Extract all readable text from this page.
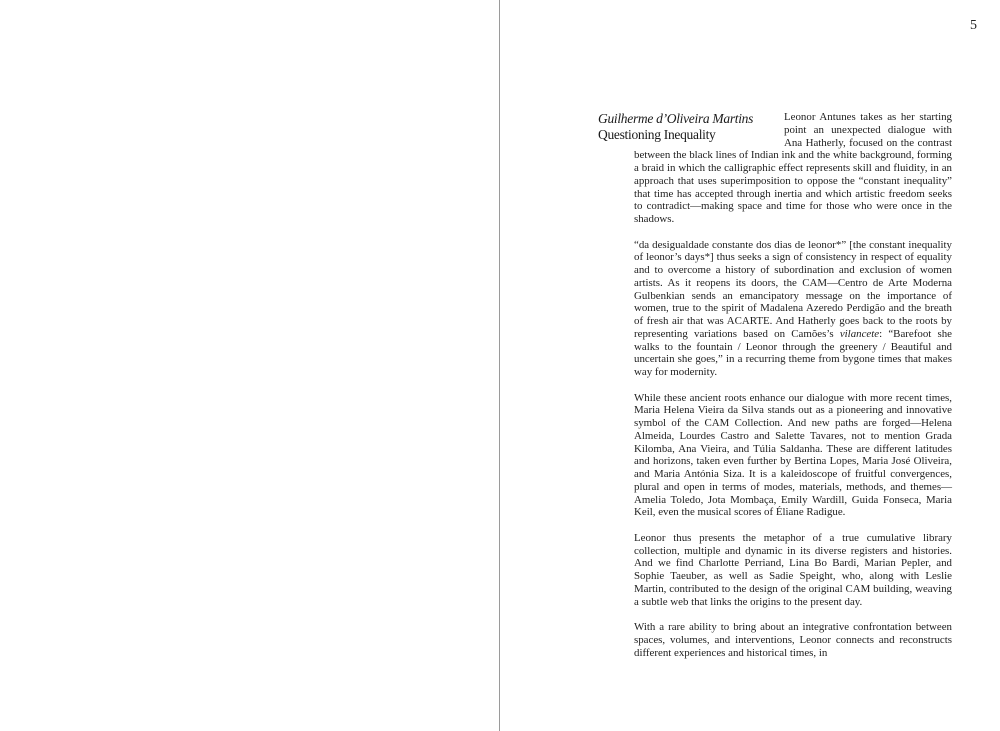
5
Guilherme d’Oliveira Martins
Questioning Inequality

Leonor Antunes takes as her starting point an unexpected dialogue with Ana Hatherly, focused on the contrast between the black lines of Indian ink and the white background, forming a braid in which the calligraphic effect represents skill and fluidity, in an approach that uses superimposition to oppose the “constant inequality” that time has accepted through inertia and which artistic freedom seeks to contradict—making space and time for those who were once in the shadows.

“da desigualdade constante dos dias de leonor*” [the constant inequality of leonor’s days*] thus seeks a sign of consistency in respect of equality and to overcome a history of subordination and exclusion of women artists. As it reopens its doors, the CAM—Centro de Arte Moderna Gulbenkian sends an emancipatory message on the importance of women, true to the spirit of Madalena Azeredo Perdigão and the breath of fresh air that was ACARTE. And Hatherly goes back to the roots by representing variations based on Camões’s vilancete: “Barefoot she walks to the fountain / Leonor through the greenery / Beautiful and uncertain she goes,” in a recurring theme from bygone times that makes way for modernity.

While these ancient roots enhance our dialogue with more recent times, Maria Helena Vieira da Silva stands out as a pioneering and innovative symbol of the CAM Collection. And new paths are forged—Helena Almeida, Lourdes Castro and Salette Tavares, not to mention Grada Kilomba, Ana Vieira, and Túlia Saldanha. These are different latitudes and horizons, taken even further by Bertina Lopes, Maria José Oliveira, and Maria Antónia Siza. It is a kaleidoscope of fruitful convergences, plural and open in terms of modes, materials, methods, and themes—Amelia Toledo, Jota Mombaça, Emily Wardill, Guida Fonseca, Maria Keil, even the musical scores of Éliane Radigue.

Leonor thus presents the metaphor of a true cumulative library collection, multiple and dynamic in its diverse registers and histories. And we find Charlotte Perriand, Lina Bo Bardi, Marian Pepler, and Sophie Taeuber, as well as Sadie Speight, who, along with Leslie Martin, contributed to the design of the original CAM building, weaving a subtle web that links the origins to the present day.

With a rare ability to bring about an integrative confrontation between spaces, volumes, and interventions, Leonor connects and reconstructs different experiences and historical times, in
